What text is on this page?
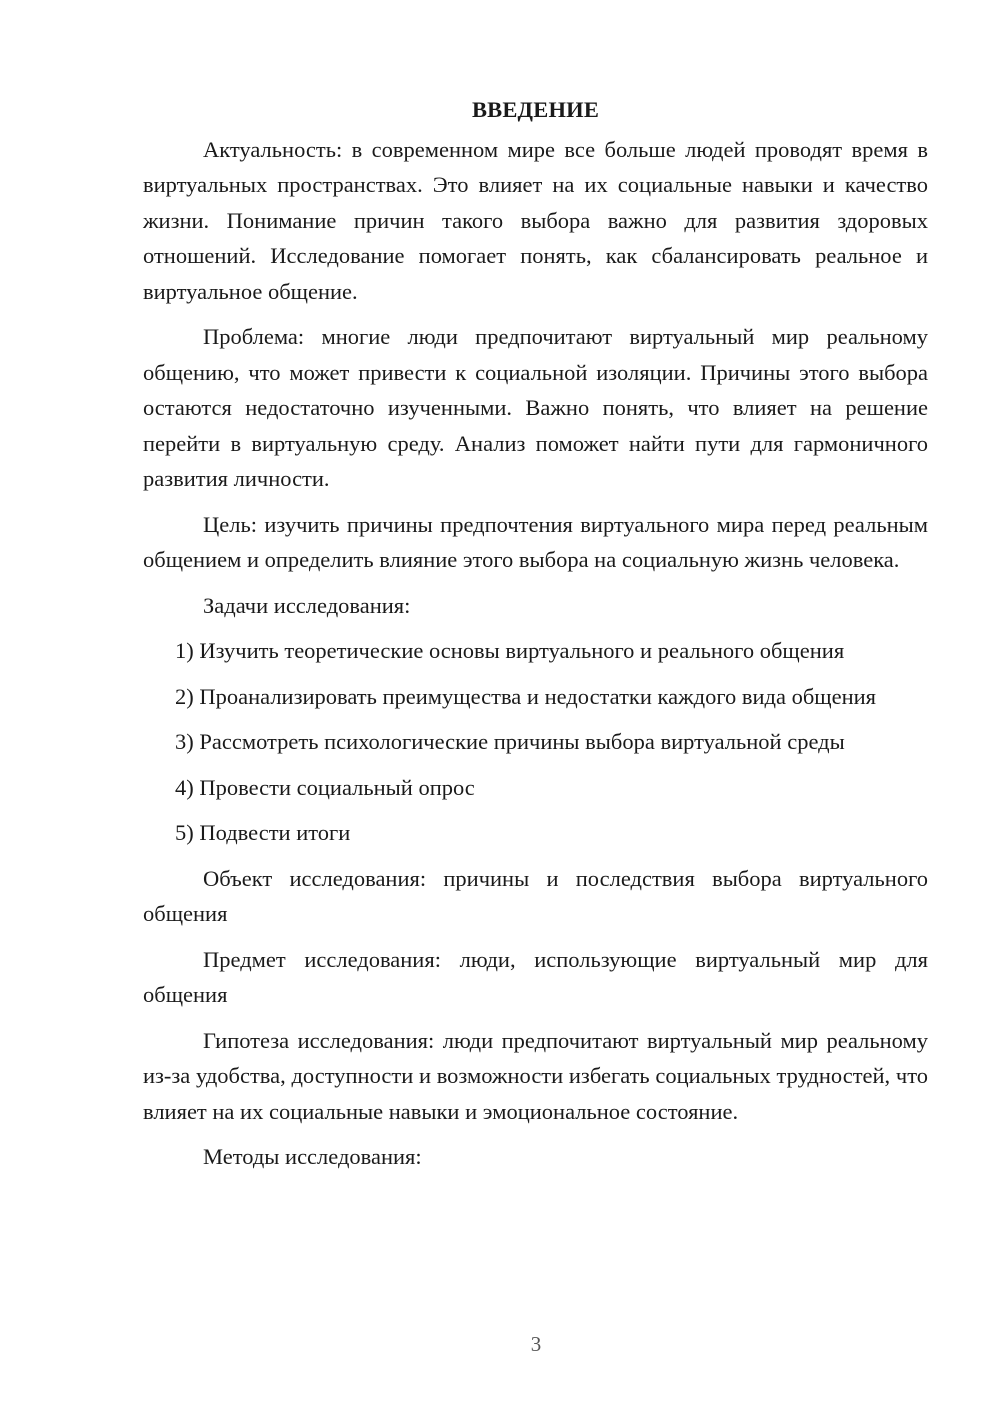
ВВЕДЕНИЕ

Актуальность: в современном мире все больше людей проводят время в виртуальных пространствах. Это влияет на их социальные навыки и качество жизни. Понимание причин такого выбора важно для развития здоровых отношений. Исследование помогает понять, как сбалансировать реальное и виртуальное общение.

Проблема: многие люди предпочитают виртуальный мир реальному общению, что может привести к социальной изоляции. Причины этого выбора остаются недостаточно изученными. Важно понять, что влияет на решение перейти в виртуальную среду. Анализ поможет найти пути для гармоничного развития личности.

Цель: изучить причины предпочтения виртуального мира перед реальным общением и определить влияние этого выбора на социальную жизнь человека.

Задачи исследования:

1) Изучить теоретические основы виртуального и реального общения

2) Проанализировать преимущества и недостатки каждого вида общения

3) Рассмотреть психологические причины выбора виртуальной среды

4) Провести социальный опрос

5) Подвести итоги

Объект исследования: причины и последствия выбора виртуального общения

Предмет исследования: люди, использующие виртуальный мир для общения

Гипотеза исследования: люди предпочитают виртуальный мир реальному из-за удобства, доступности и возможности избегать социальных трудностей, что влияет на их социальные навыки и эмоциональное состояние.

Методы исследования:

3
